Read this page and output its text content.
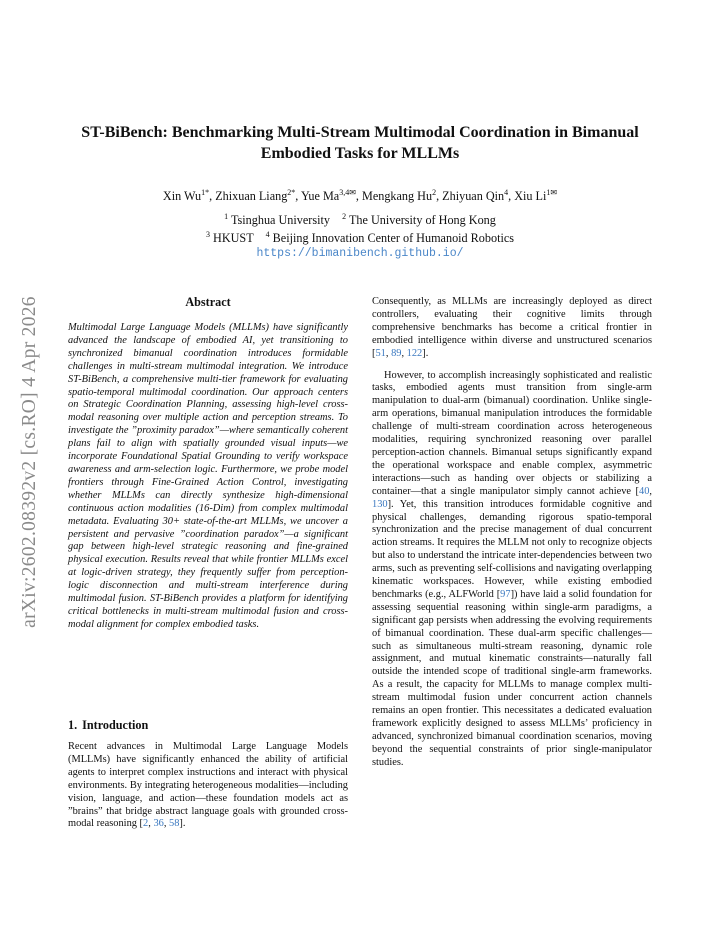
arXiv:2602.08392v2 [cs.RO] 4 Apr 2026
ST-BiBench: Benchmarking Multi-Stream Multimodal Coordination in Bimanual Embodied Tasks for MLLMs
Xin $Wu^{1*}$, Zhixuan Liang$^{2*}$, Yue $Ma^{3,4✉}$, Mengkang Hu$^2$, Zhiyuan Qin$^4$, Xiu $Li^{1✉}$
$^1$ Tsinghua University $^2$ The University of Hong Kong
$^3$ HKUST $^4$ Beijing Innovation Center of Humanoid Robotics
https://bimanibench.github.io/
Abstract

Multimodal Large Language Models (MLLMs) have significantly advanced the landscape of embodied AI, yet transitioning to synchronized bimanual coordination introduces formidable challenges in multi-stream multimodal integration. We introduce ST-BiBench, a comprehensive multi-tier framework for evaluating spatio-temporal multimodal coordination. Our approach centers on Strategic Coordination Planning, assessing high-level cross-modal reasoning over multiple action and perception streams. To investigate the ”proximity paradox”—where semantically coherent plans fail to align with spatially grounded visual inputs—we incorporate Foundational Spatial Grounding to verify workspace awareness and arm-selection logic. Furthermore, we probe model frontiers through Fine-Grained Action Control, investigating whether MLLMs can directly synthesize high-dimensional continuous action modalities (16-Dim) from complex multimodal metadata. Evaluating 30+ state-of-the-art MLLMs, we uncover a persistent and pervasive ”coordination paradox”—a significant gap between high-level strategic reasoning and fine-grained physical execution. Results reveal that while frontier MLLMs excel at logic-driven strategy, they frequently suffer from perception-logic disconnection and multi-stream interference during multimodal fusion. ST-BiBench provides a platform for identifying critical bottlenecks in multi-stream multimodal fusion and cross-modal alignment for complex embodied tasks.

1. Introduction

Recent advances in Multimodal Large Language Models (MLLMs) have significantly enhanced the ability of artificial agents to interpret complex instructions and interact with physical environments. By integrating heterogeneous modalities—including vision, language, and action—these foundation models act as ”brains” that bridge abstract language goals with grounded cross-modal reasoning [2, 36, 58].

Consequently, as MLLMs are increasingly deployed as direct controllers, evaluating their cognitive limits through comprehensive benchmarks has become a critical frontier in embodied intelligence within diverse and unstructured scenarios [51, 89, 122].

However, to accomplish increasingly sophisticated and realistic tasks, embodied agents must transition from single-arm manipulation to dual-arm (bimanual) coordination. Unlike single-arm operations, bimanual manipulation introduces the formidable challenge of multi-stream coordination across heterogeneous modalities, requiring synchronized reasoning over parallel perception-action channels. Bimanual setups significantly expand the operational workspace and enable complex, asymmetric interactions—such as handing over objects or stabilizing a container—that a single manipulator simply cannot achieve [40, 130]. Yet, this transition introduces formidable cognitive and physical challenges, demanding rigorous spatio-temporal synchronization and the precise management of dual concurrent action streams. It requires the MLLM not only to recognize objects but also to understand the intricate inter-dependencies between two arms, such as preventing self-collisions and navigating overlapping kinematic workspaces. However, while existing embodied benchmarks (e.g., ALFWorld [97]) have laid a solid foundation for assessing sequential reasoning within single-arm paradigms, a significant gap persists when addressing the evolving requirements of bimanual coordination. These dual-arm specific challenges—such as simultaneous multi-stream reasoning, dynamic role assignment, and mutual kinematic constraints—naturally fall outside the intended scope of traditional single-arm frameworks. As a result, the capacity for MLLMs to manage complex multi-stream multimodal fusion under concurrent action channels remains an open frontier. This necessitates a dedicated evaluation framework explicitly designed to assess MLLMs’ proficiency in advanced, synchronized bimanual coordination scenarios, moving beyond the sequential constraints of prior single-manipulator studies.
